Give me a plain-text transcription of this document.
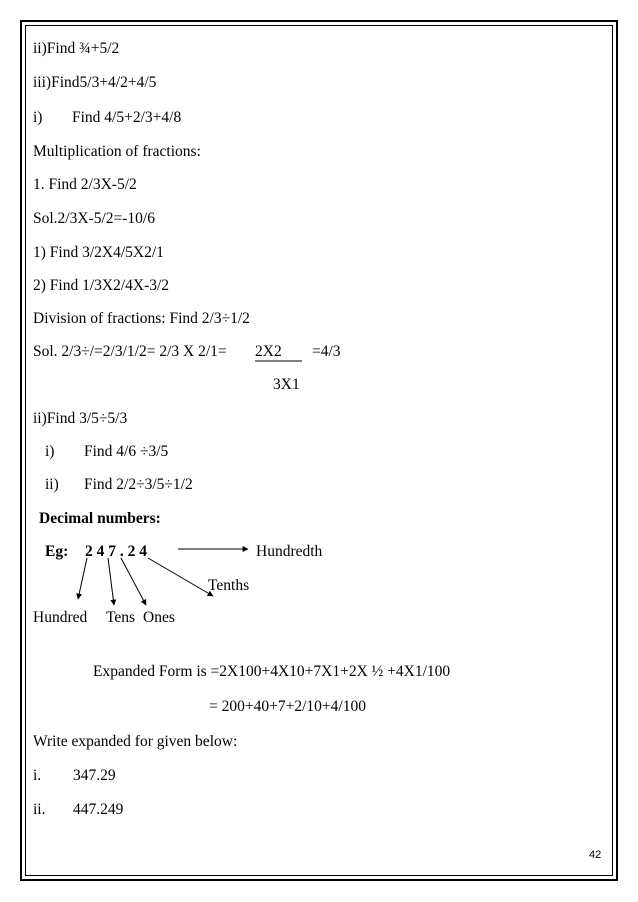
ii)Find ¾+5/2
iii)Find5/3+4/2+4/5
i) Find 4/5+2/3+4/8
Multiplication of fractions:
1. Find 2/3X-5/2
Sol.2/3X-5/2=-10/6
1) Find 3/2X4/5X2/1
2) Find 1/3X2/4X-3/2
Division of fractions: Find 2/3÷1/2
Sol. 2/3÷/=2/3/1/2= 2/3 X 2/1= 2X2 =4/3
3X1
ii)Find 3/5÷5/3
i) Find 4/6 ÷3/5
ii) Find 2/2÷3/5÷1/2
Decimal numbers:
Eg: 2 4 7 . 2 4	Hundredth
Tenths
Hundred Tens Ones
Expanded Form is =2X100+4X10+7X1+2X ½ +4X1/100
= 200+40+7+2/10+4/100
Write expanded for given below:
i. 347.29
ii. 447.249
42
